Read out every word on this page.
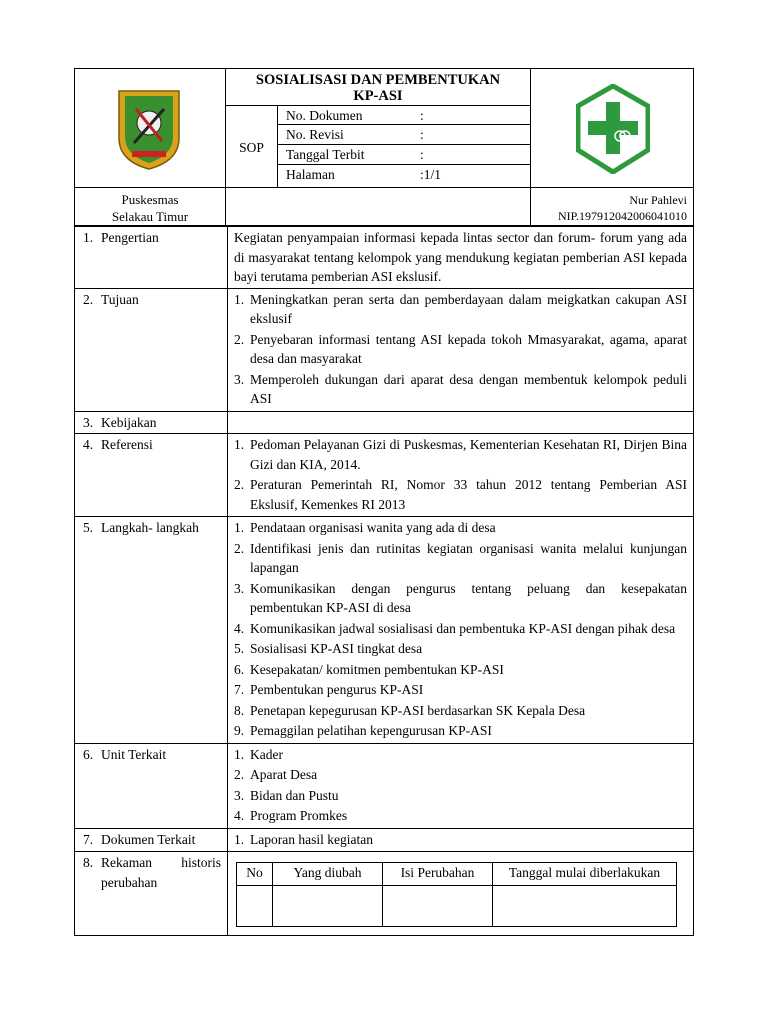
SOSIALISASI DAN PEMBENTUKAN
KP-ASI
SOP
No. Dokumen	:
No. Revisi	:
Tanggal Terbit	:
Halaman	:1/1
Puskesmas
Selakau Timur
Nur Pahlevi
NIP.197912042006041010
1. Pengertian	Kegiatan penyampaian informasi kepada lintas sector dan forum- forum yang ada di masyarakat tentang kelompok yang mendukung kegiatan pemberian ASI kepada bayi terutama pemberian ASI ekslusif.
2. Tujuan	1. Meningkatkan peran serta dan pemberdayaan dalam meigkatkan cakupan ASI ekslusif
2. Penyebaran informasi tentang ASI kepada tokoh Mmasyarakat, agama, aparat desa dan masyarakat
3. Memperoleh dukungan dari aparat desa dengan membentuk kelompok peduli ASI

3. Kebijakan	
4. Referensi	1. Pedoman Pelayanan Gizi di Puskesmas, Kementerian Kesehatan RI, Dirjen Bina Gizi dan KIA, 2014.
2. Peraturan Pemerintah RI, Nomor 33 tahun 2012 tentang Pemberian ASI Ekslusif, Kemenkes RI 2013

5. Langkah- langkah	1. Pendataan organisasi wanita yang ada di desa
2. Identifikasi jenis dan rutinitas kegiatan organisasi wanita melalui kunjungan lapangan
3. Komunikasikan dengan pengurus tentang peluang dan kesepakatan pembentukan KP-ASI di desa
4. Komunikasikan jadwal sosialisasi dan pembentuka KP-ASI dengan pihak desa
5. Sosialisasi KP-ASI tingkat desa
6. Kesepakatan/ komitmen pembentukan KP-ASI
7. Pembentukan pengurus KP-ASI
8. Penetapan kepegurusan KP-ASI berdasarkan SK Kepala Desa
9. Pemaggilan pelatihan kepengurusan KP-ASI

6. Unit Terkait	1. Kader
2. Aparat Desa
3. Bidan dan Pustu
4. Program Promkes

7. Dokumen Terkait	1. Laporan hasil kegiatan

8. Rekaman historis
perubahan

No	Yang diubah	Isi Perubahan	Tanggal mulai diberlakukan
